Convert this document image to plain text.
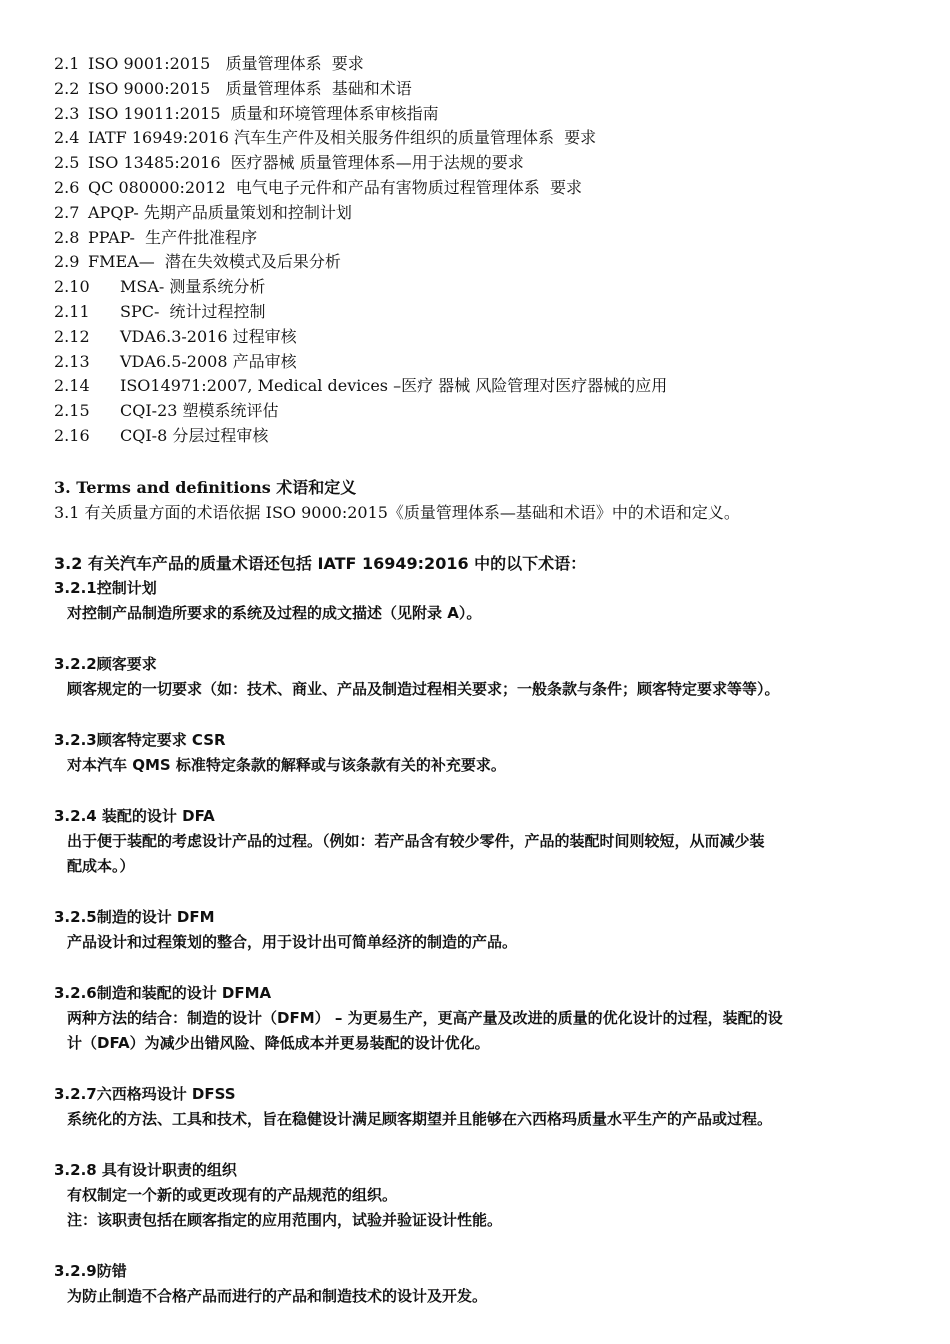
2.1 ISO 9001:2015   质量管理体系  要求
2.2 ISO 9000:2015   质量管理体系  基础和术语
2.3 ISO 19011:2015  质量和环境管理体系审核指南
2.4 IATF 16949:2016 汽车生产件及相关服务件组织的质量管理体系  要求
2.5 ISO 13485:2016  医疗器械 质量管理体系—用于法规的要求
2.6 QC 080000:2012  电气电子元件和产品有害物质过程管理体系  要求
2.7 APQP- 先期产品质量策划和控制计划
2.8 PPAP-  生产件批准程序
2.9 FMEA—  潜在失效模式及后果分析
2.10 MSA- 测量系统分析
2.11 SPC-  统计过程控制
2.12 VDA6.3-2016 过程审核
2.13 VDA6.5-2008 产品审核
2.14 ISO14971:2007, Medical devices –医疗 器械 风险管理对医疗器械的应用
2.15 CQI-23 塑模系统评估
2.16 CQI-8 分层过程审核
3. Terms and definitions 术语和定义
3.1 有关质量方面的术语依据 ISO 9000:2015《质量管理体系—基础和术语》中的术语和定义。
3.2 有关汽车产品的质量术语还包括 IATF 16949:2016 中的以下术语：
3.2.1控制计划
对控制产品制造所要求的系统及过程的成文描述（见附录 A）。
3.2.2顾客要求
顾客规定的一切要求（如：技术、商业、产品及制造过程相关要求；一般条款与条件；顾客特定要求等等）。
3.2.3顾客特定要求 CSR
对本汽车 QMS 标准特定条款的解释或与该条款有关的补充要求。
3.2.4 装配的设计 DFA
出于便于装配的考虑设计产品的过程。（例如：若产品含有较少零件，产品的装配时间则较短，从而减少装
配成本。）
3.2.5制造的设计 DFM
产品设计和过程策划的整合，用于设计出可简单经济的制造的产品。
3.2.6制造和装配的设计 DFMA
两种方法的结合：制造的设计（DFM） – 为更易生产，更高产量及改进的质量的优化设计的过程，装配的设
计（DFA）为减少出错风险、降低成本并更易装配的设计优化。
3.2.7六西格玛设计 DFSS
系统化的方法、工具和技术，旨在稳健设计满足顾客期望并且能够在六西格玛质量水平生产的产品或过程。
3.2.8 具有设计职责的组织
有权制定一个新的或更改现有的产品规范的组织。
注：该职责包括在顾客指定的应用范围内，试验并验证设计性能。
3.2.9防错
为防止制造不合格产品而进行的产品和制造技术的设计及开发。
